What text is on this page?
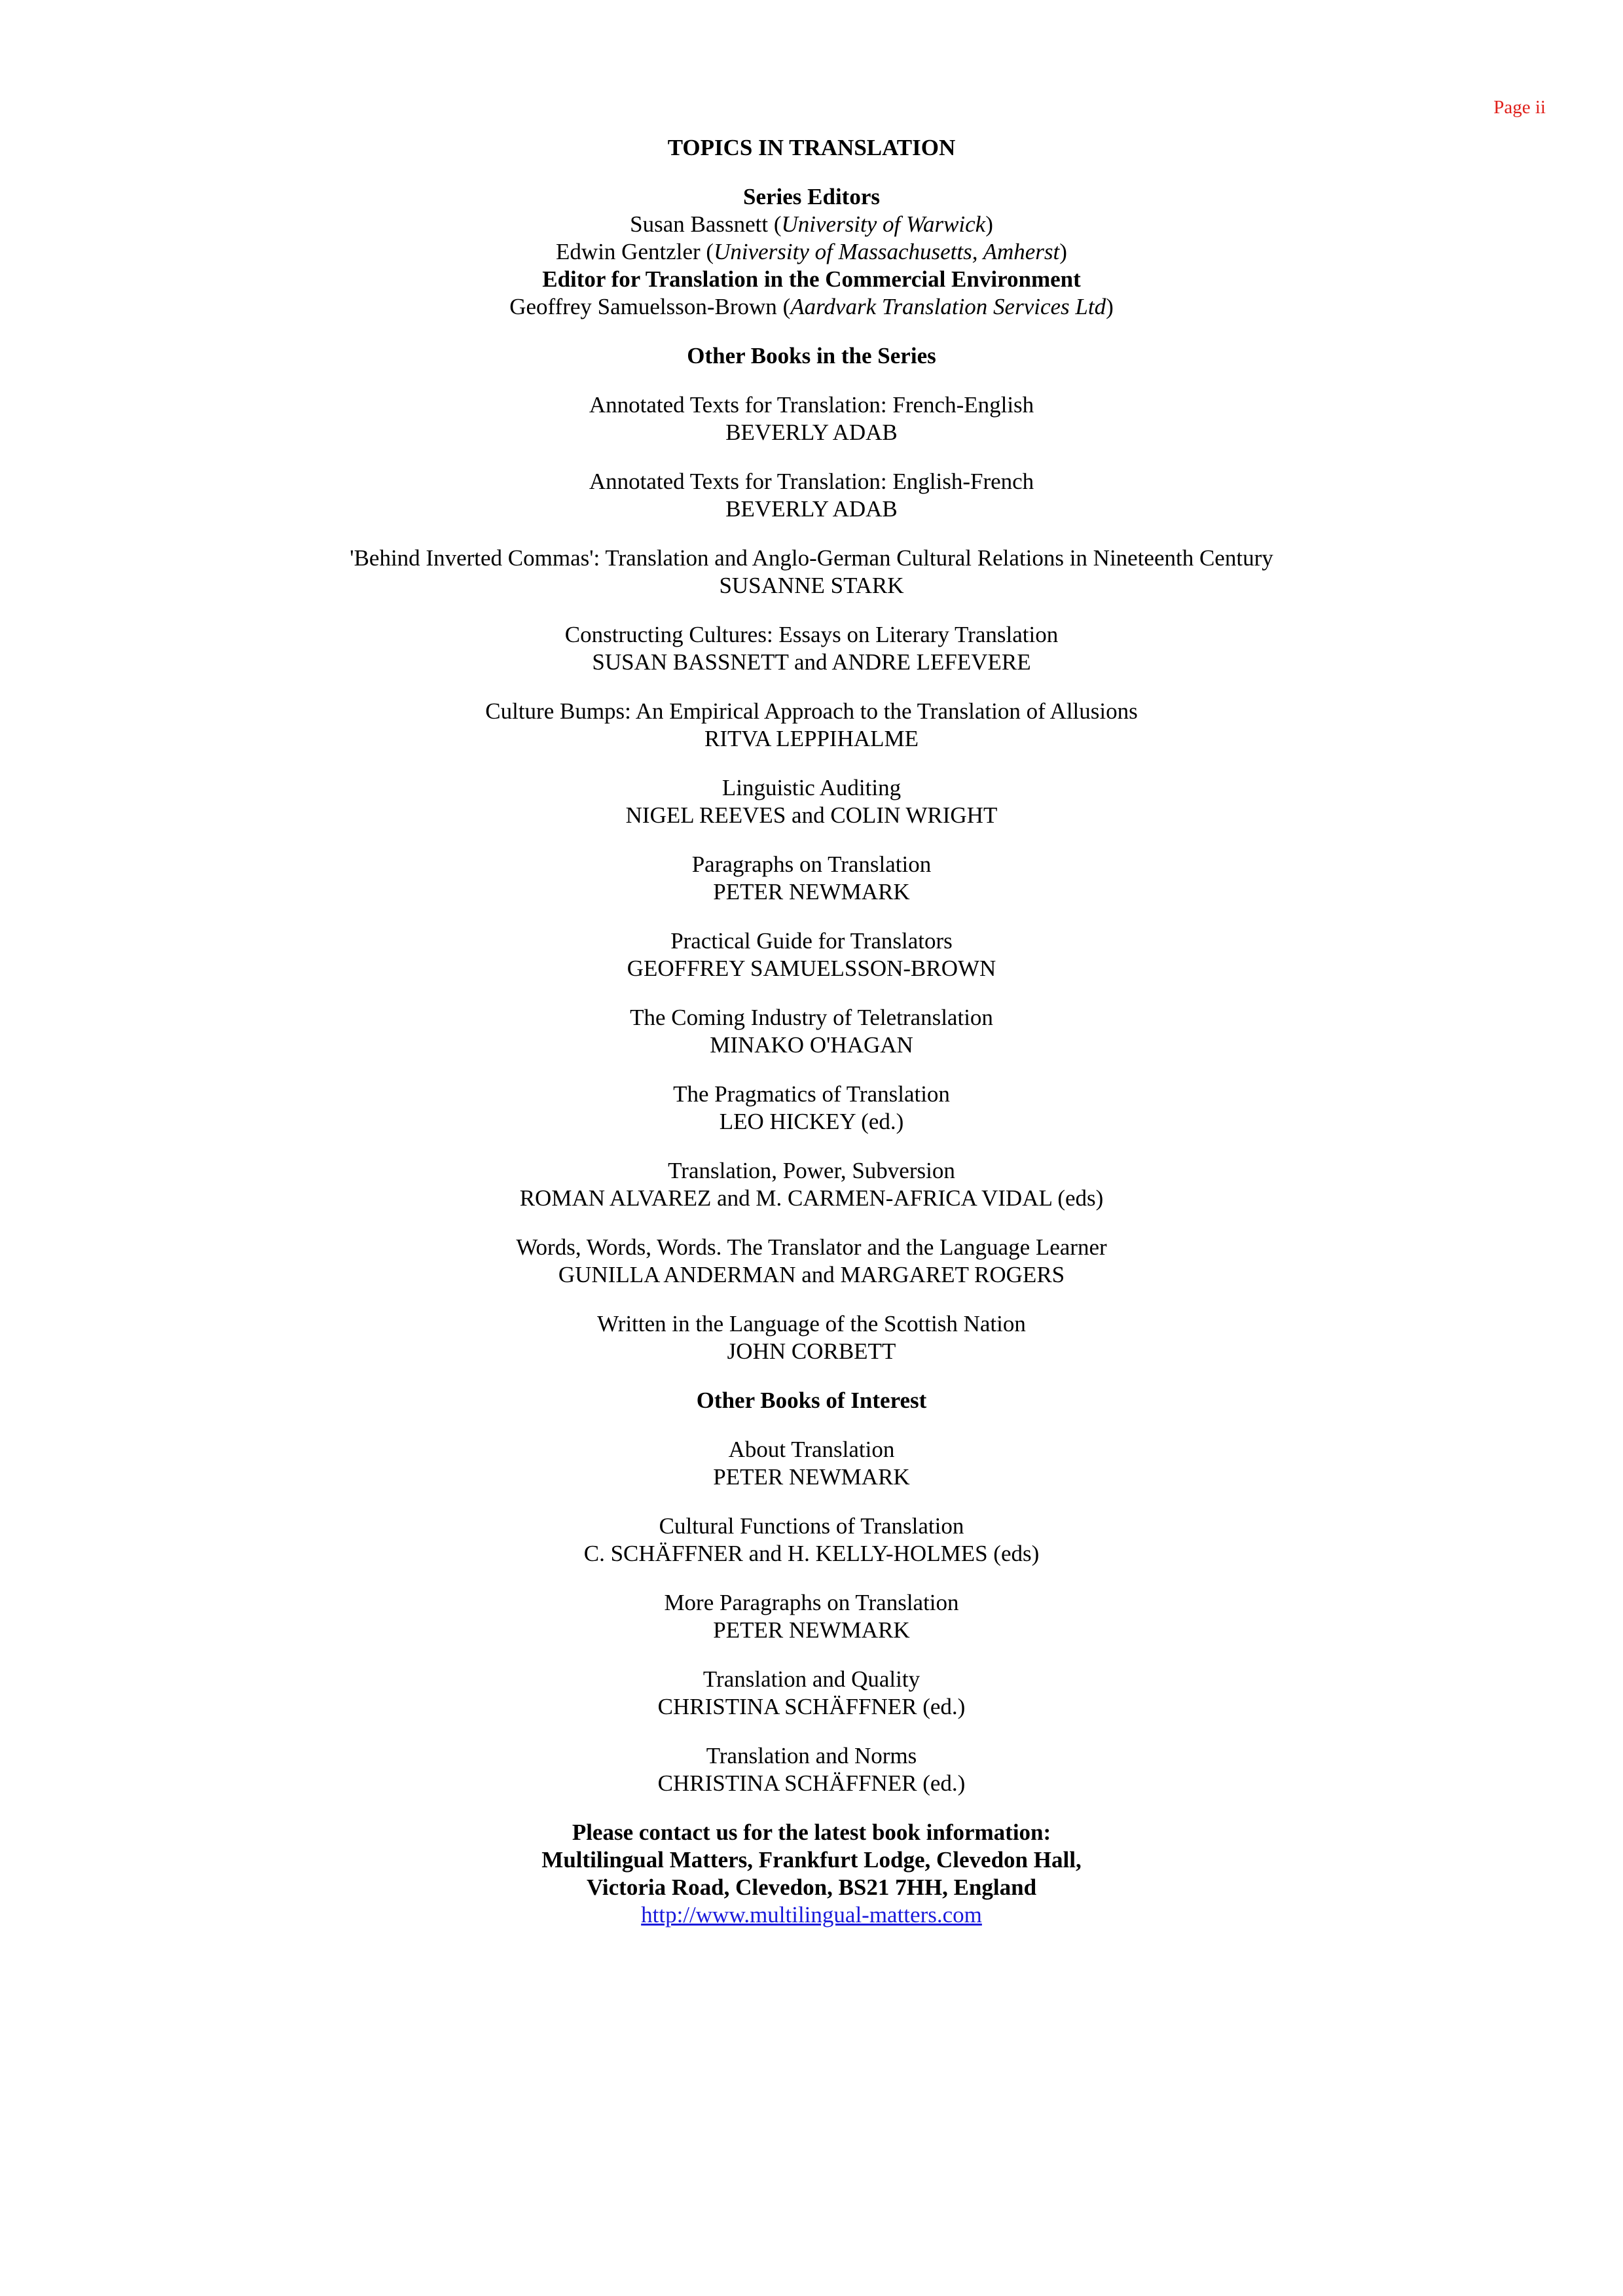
Page ii
TOPICS IN TRANSLATION
Series Editors
Susan Bassnett (University of Warwick)
Edwin Gentzler (University of Massachusetts, Amherst)
Editor for Translation in the Commercial Environment
Geoffrey Samuelsson-Brown (Aardvark Translation Services Ltd)
Other Books in the Series
Annotated Texts for Translation: French-English
BEVERLY ADAB
Annotated Texts for Translation: English-French
BEVERLY ADAB
'Behind Inverted Commas': Translation and Anglo-German Cultural Relations in Nineteenth Century
SUSANNE STARK
Constructing Cultures: Essays on Literary Translation
SUSAN BASSNETT and ANDRE LEFEVERE
Culture Bumps: An Empirical Approach to the Translation of Allusions
RITVA LEPPIHALME
Linguistic Auditing
NIGEL REEVES and COLIN WRIGHT
Paragraphs on Translation
PETER NEWMARK
Practical Guide for Translators
GEOFFREY SAMUELSSON-BROWN
The Coming Industry of Teletranslation
MINAKO O'HAGAN
The Pragmatics of Translation
LEO HICKEY (ed.)
Translation, Power, Subversion
ROMAN ALVAREZ and M. CARMEN-AFRICA VIDAL (eds)
Words, Words, Words. The Translator and the Language Learner
GUNILLA ANDERMAN and MARGARET ROGERS
Written in the Language of the Scottish Nation
JOHN CORBETT
Other Books of Interest
About Translation
PETER NEWMARK
Cultural Functions of Translation
C. SCHÄFFNER and H. KELLY-HOLMES (eds)
More Paragraphs on Translation
PETER NEWMARK
Translation and Quality
CHRISTINA SCHÄFFNER (ed.)
Translation and Norms
CHRISTINA SCHÄFFNER (ed.)
Please contact us for the latest book information:
Multilingual Matters, Frankfurt Lodge, Clevedon Hall,
Victoria Road, Clevedon, BS21 7HH, England
http://www.multilingual-matters.com
